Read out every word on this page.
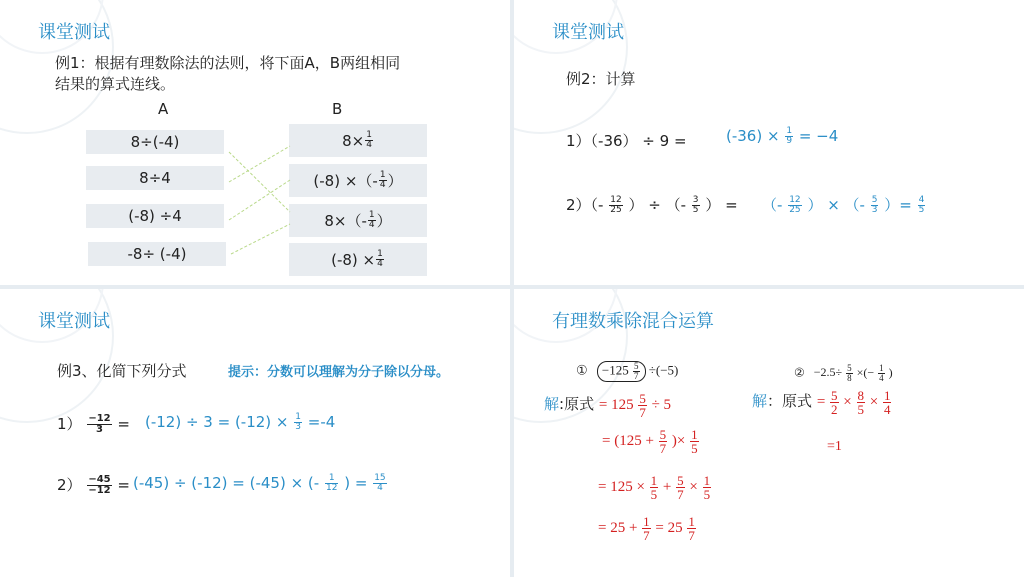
课堂测试
例1：根据有理数除法的法则，将下面A，B两组相同
结果的算式连线。
A	B
8÷(-4)
8÷4
(-8) ÷4
-8÷ (-4)
$8\times \frac{1}{4}$
(-8) ×（- $\frac{1}{4}$ ）
$8\times(- \frac{1}{4}$ ）
$(-8) \times \frac{1}{4}$
课堂测试
例2：计算
1）（-36） ÷ 9 =	$(-36) \times \frac{1}{9} = -4$
$2)(- \frac{12}{25}$ ） ÷ （- $\frac{3}{5}$ ） = （- $\frac{12}{25}$ ） × （- $\frac{5}{3}$ ）= $\frac{4}{5}$
课堂测试
例3、化简下列分式	提示：分数可以理解为分子除以分母。
$1) \frac{-12}{3} = (-12) \div 3 = (-12) \times \frac{1}{3} =-4$
$2) \frac{-45}{-12} = (-45) \div (-12) = (-45)$ × (- $\frac{1}{12}$ ) = $\frac{15}{4}$
有理数乘除混合运算
① $-125 \frac{5}{7} \div(-5)$	② $-2.5\div \frac{5}{8}$ ×(− $\frac{1}{4}$ )
解:原式 = $125 \frac{5}{7} \div 5$
= ($125 + \frac{5}{7}$ )× $\frac{1}{5}$
= $125 \times \frac{1}{5} + \frac{5}{7} \times \frac{1}{5}$
= $25 + \frac{1}{7} = 25 \frac{1}{7}$
解：原式 = $\frac{5}{2} \times \frac{8}{5} \times \frac{1}{4}$
=1
